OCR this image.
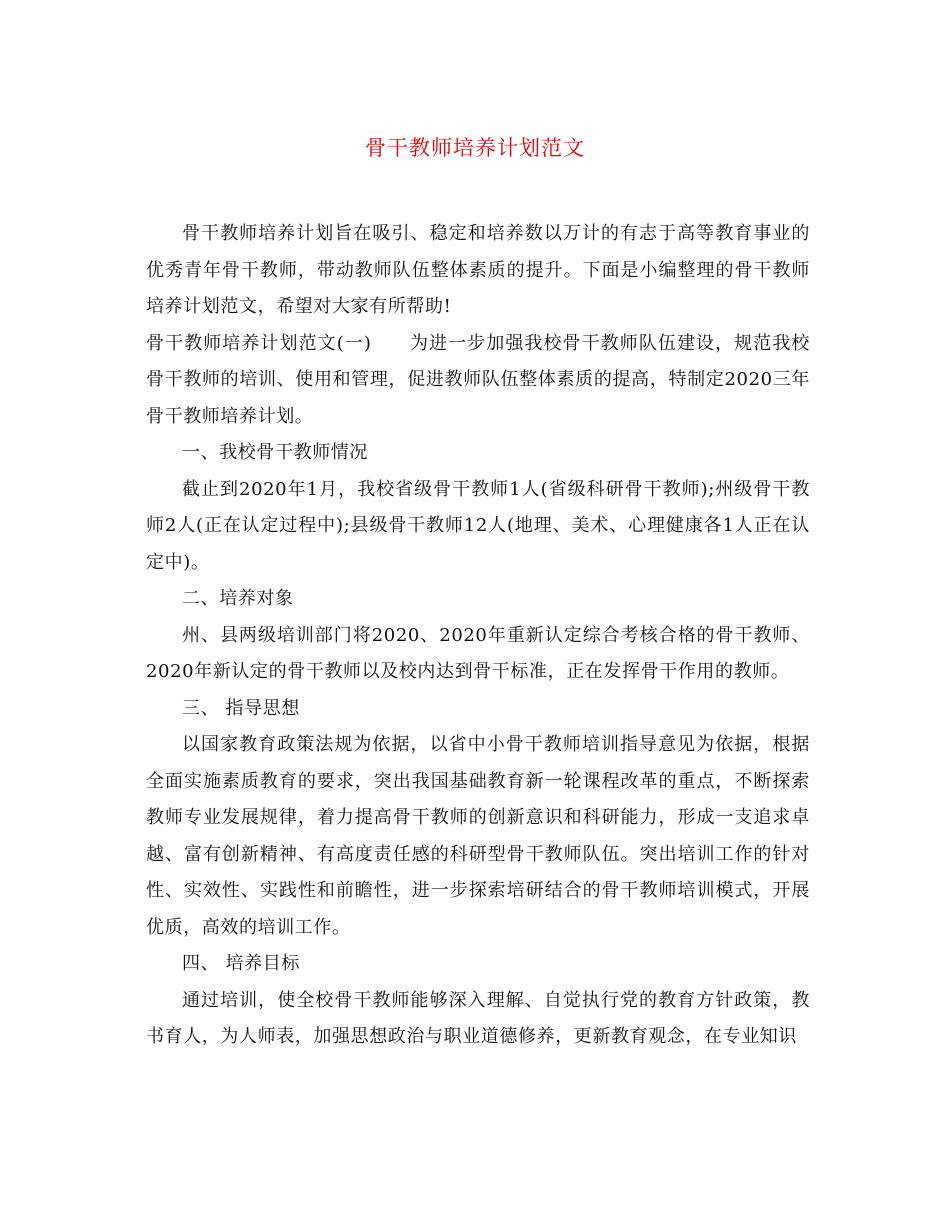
骨干教师培养计划范文

骨干教师培养计划旨在吸引、稳定和培养数以万计的有志于高等教育事业的优秀青年骨干教师，带动教师队伍整体素质的提升。下面是小编整理的骨干教师培养计划范文，希望对大家有所帮助!

骨干教师培养计划范文(一) 为进一步加强我校骨干教师队伍建设，规范我校骨干教师的培训、使用和管理，促进教师队伍整体素质的提高，特制定2020三年骨干教师培养计划。

一、我校骨干教师情况

截止到2020年1月，我校省级骨干教师1人(省级科研骨干教师);州级骨干教师2人(正在认定过程中);县级骨干教师12人(地理、美术、心理健康各1人正在认定中)。

二、培养对象

州、县两级培训部门将2020、2020年重新认定综合考核合格的骨干教师、2020年新认定的骨干教师以及校内达到骨干标准，正在发挥骨干作用的教师。

三、 指导思想

以国家教育政策法规为依据，以省中小骨干教师培训指导意见为依据，根据全面实施素质教育的要求，突出我国基础教育新一轮课程改革的重点，不断探索教师专业发展规律，着力提高骨干教师的创新意识和科研能力，形成一支追求卓越、富有创新精神、有高度责任感的科研型骨干教师队伍。突出培训工作的针对性、实效性、实践性和前瞻性，进一步探索培研结合的骨干教师培训模式，开展优质，高效的培训工作。

四、 培养目标

通过培训，使全校骨干教师能够深入理解、自觉执行党的教育方针政策，教书育人，为人师表，加强思想政治与职业道德修养，更新教育观念，在专业知识
